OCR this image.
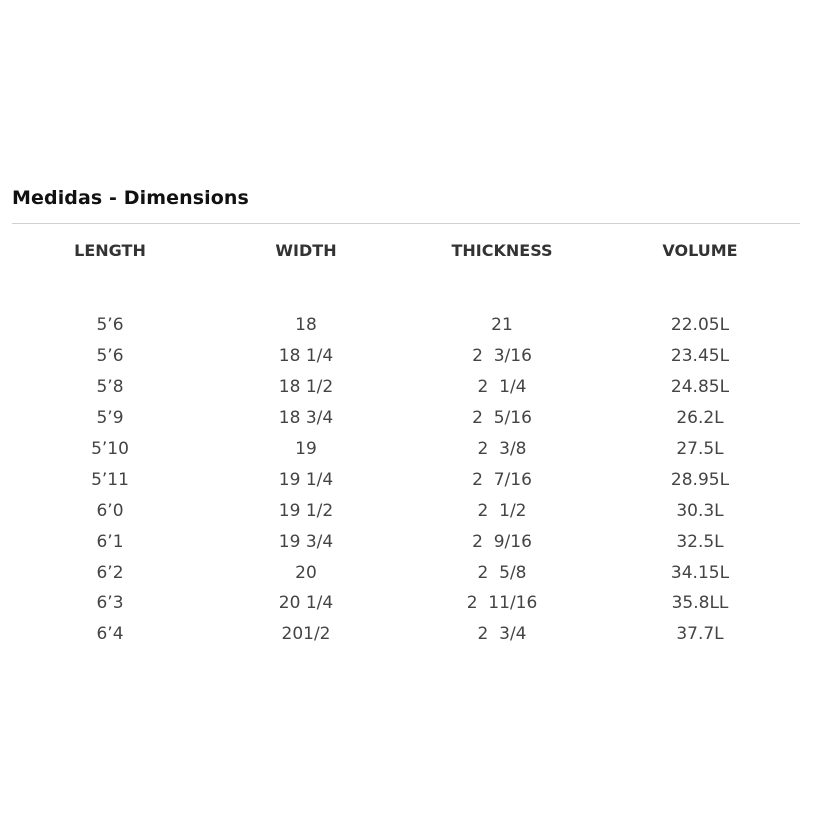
Medidas - Dimensions
LENGTH	WIDTH	THICKNESS	VOLUME

5’6	18	21	22.05L
5’6	18 1/4	2  3/16	23.45L
5’8	18 1/2	2  1/4	24.85L
5’9	18 3/4	2  5/16	26.2L
5’10	19	2  3/8	27.5L
5’11	19 1/4	2  7/16	28.95L
6’0	19 1/2	2  1/2	30.3L
6’1	19 3/4	2  9/16	32.5L
6’2	20	2  5/8	34.15L
6’3	20 1/4	2  11/16	35.8LL
6’4	201/2	2  3/4	37.7L
